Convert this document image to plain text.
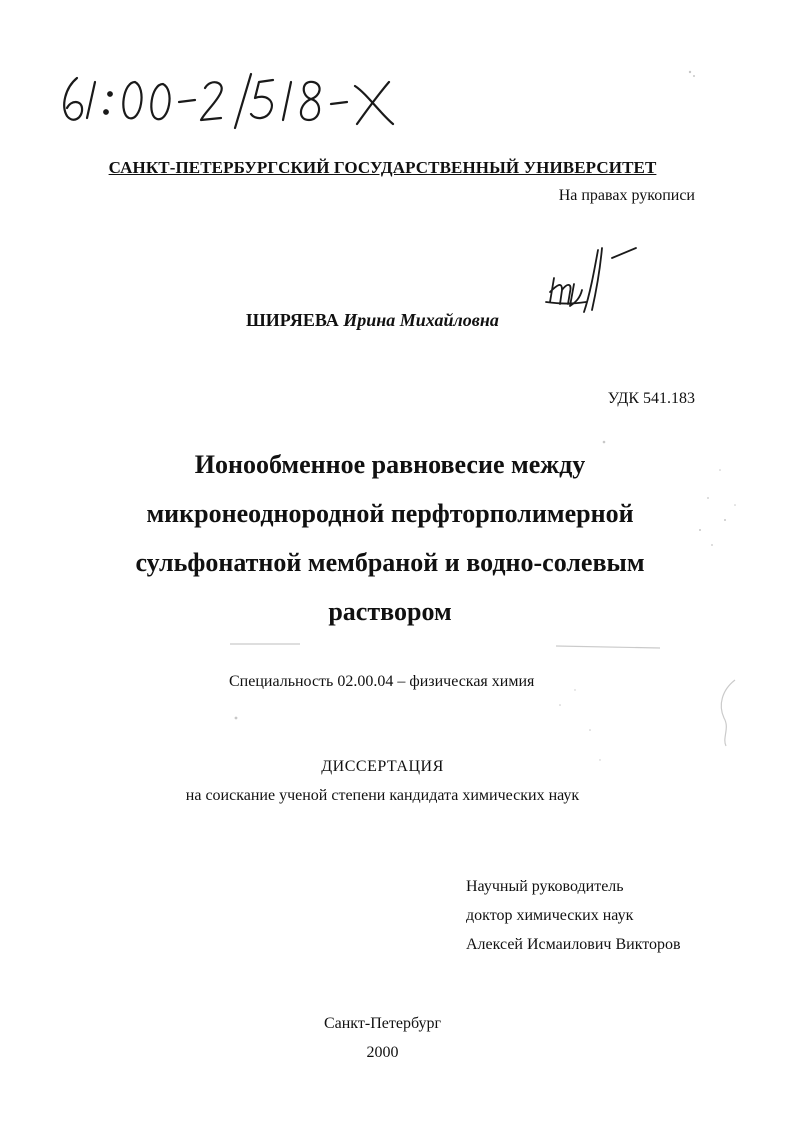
САНКТ-ПЕТЕРБУРГСКИЙ ГОСУДАРСТВЕННЫЙ УНИВЕРСИТЕТ
На правах рукописи
ШИРЯЕВА Ирина Михайловна
УДК 541.183
Ионообменное равновесие между
микронеоднородной перфторполимерной
сульфонатной мембраной и водно-солевым
раствором
Специальность 02.00.04 – физическая химия
ДИССЕРТАЦИЯ
на соискание ученой степени кандидата химических наук
Научный руководитель
доктор химических наук
Алексей Исмаилович Викторов
Санкт-Петербург
2000
